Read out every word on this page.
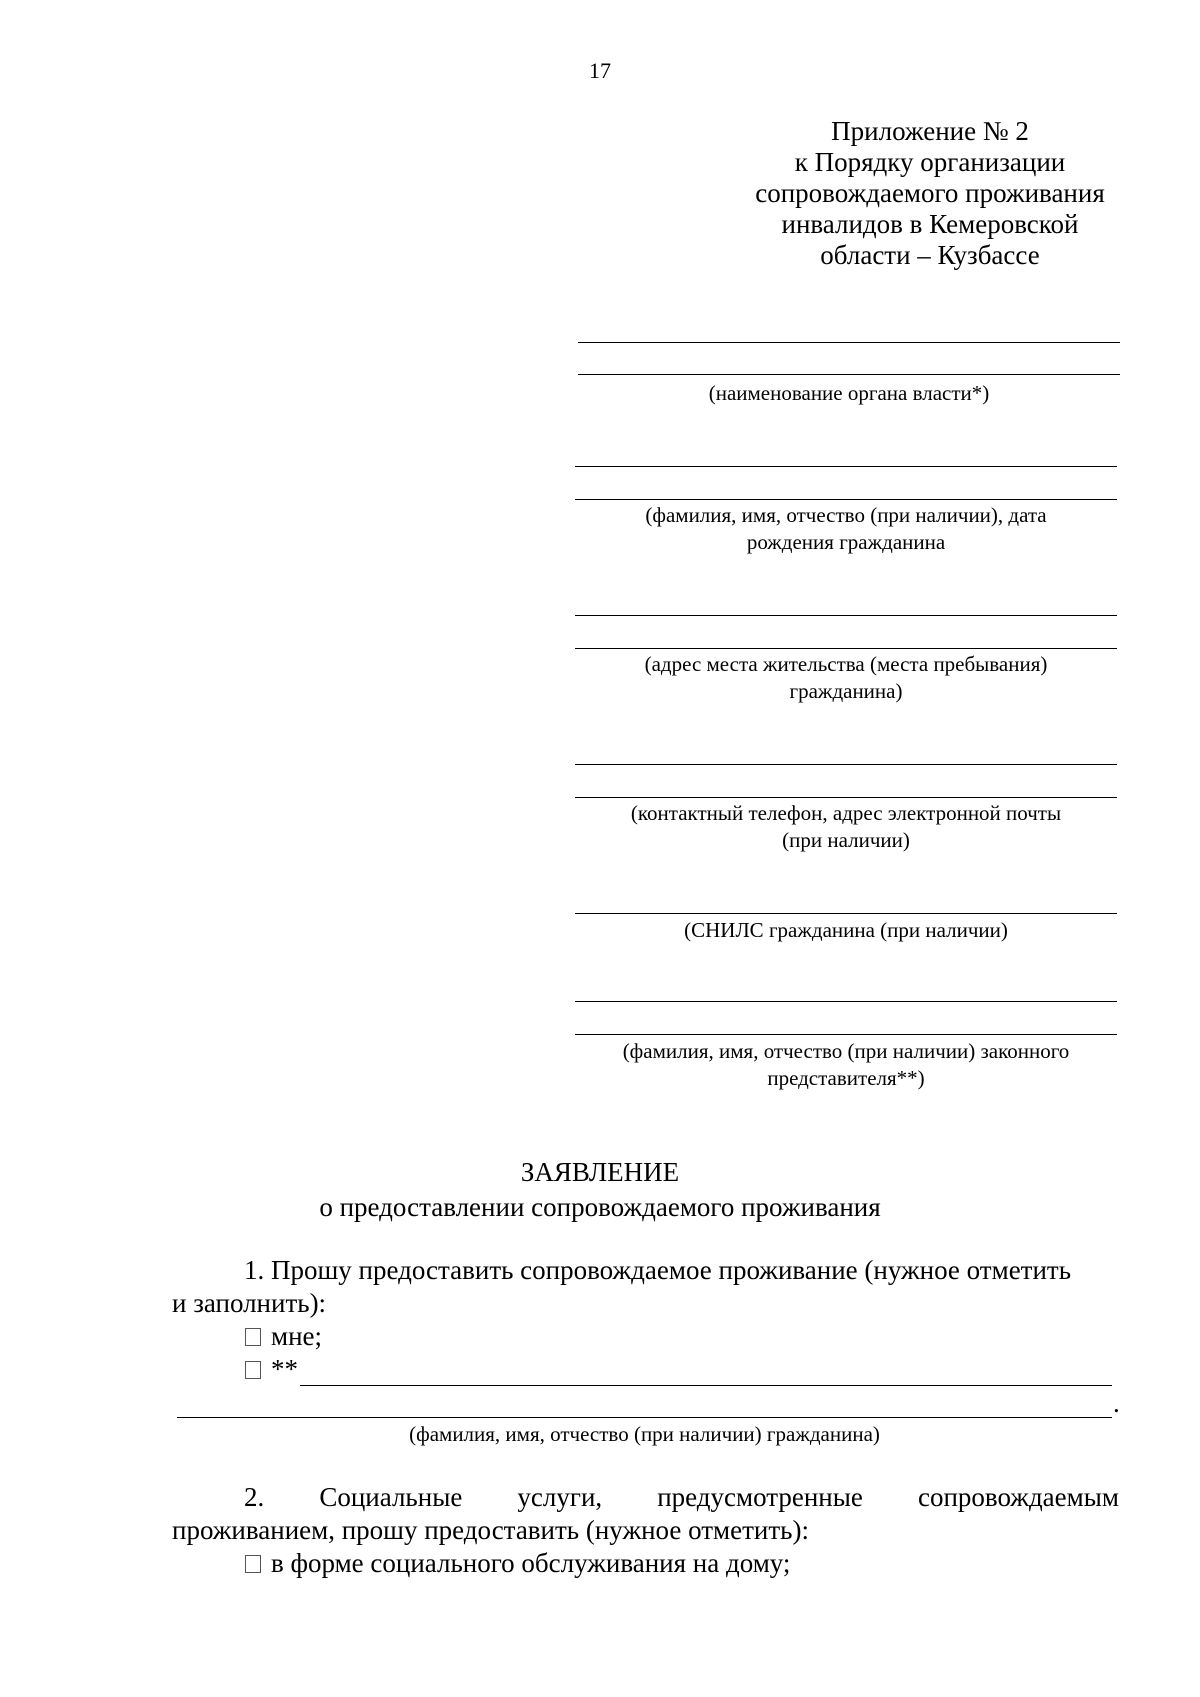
17
Приложение № 2
к Порядку организации
сопровождаемого проживания
инвалидов в Кемеровской
области – Кузбассе
(наименование органа власти*)
(фамилия, имя, отчество (при наличии), дата
рождения гражданина
(адрес места жительства (места пребывания)
гражданина)
(контактный телефон, адрес электронной почты
(при наличии)
(СНИЛС гражданина (при наличии)
(фамилия, имя, отчество (при наличии) законного
представителя**)
ЗАЯВЛЕНИЕ
о предоставлении сопровождаемого проживания
1. Прошу предоставить сопровождаемое проживание (нужное отметить
и заполнить):
мне;
**
.
(фамилия, имя, отчество (при наличии) гражданина)
2. Социальные услуги, предусмотренные сопровождаемым
проживанием, прошу предоставить (нужное отметить):
в форме социального обслуживания на дому;
